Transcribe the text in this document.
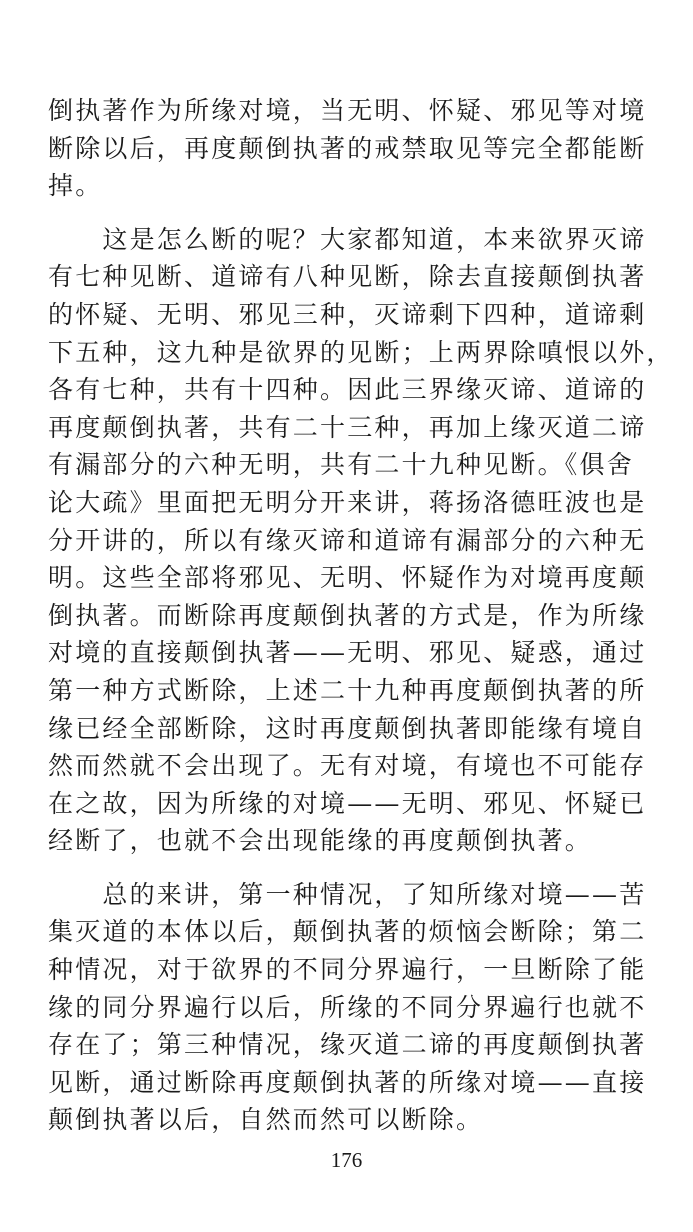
倒执著作为所缘对境，当无明、怀疑、邪见等对境
断除以后，再度颠倒执著的戒禁取见等完全都能断
掉。
　　这是怎么断的呢？大家都知道，本来欲界灭谛
有七种见断、道谛有八种见断，除去直接颠倒执著
的怀疑、无明、邪见三种，灭谛剩下四种，道谛剩
下五种，这九种是欲界的见断；上两界除嗔恨以外，
各有七种，共有十四种。因此三界缘灭谛、道谛的
再度颠倒执著，共有二十三种，再加上缘灭道二谛
有漏部分的六种无明，共有二十九种见断。《俱舍
论大疏》里面把无明分开来讲，蒋扬洛德旺波也是
分开讲的，所以有缘灭谛和道谛有漏部分的六种无
明。这些全部将邪见、无明、怀疑作为对境再度颠
倒执著。而断除再度颠倒执著的方式是，作为所缘
对境的直接颠倒执著——无明、邪见、疑惑，通过
第一种方式断除，上述二十九种再度颠倒执著的所
缘已经全部断除，这时再度颠倒执著即能缘有境自
然而然就不会出现了。无有对境，有境也不可能存
在之故，因为所缘的对境——无明、邪见、怀疑已
经断了，也就不会出现能缘的再度颠倒执著。
　　总的来讲，第一种情况，了知所缘对境——苦
集灭道的本体以后，颠倒执著的烦恼会断除；第二
种情况，对于欲界的不同分界遍行，一旦断除了能
缘的同分界遍行以后，所缘的不同分界遍行也就不
存在了；第三种情况，缘灭道二谛的再度颠倒执著
见断，通过断除再度颠倒执著的所缘对境——直接
颠倒执著以后，自然而然可以断除。
176
